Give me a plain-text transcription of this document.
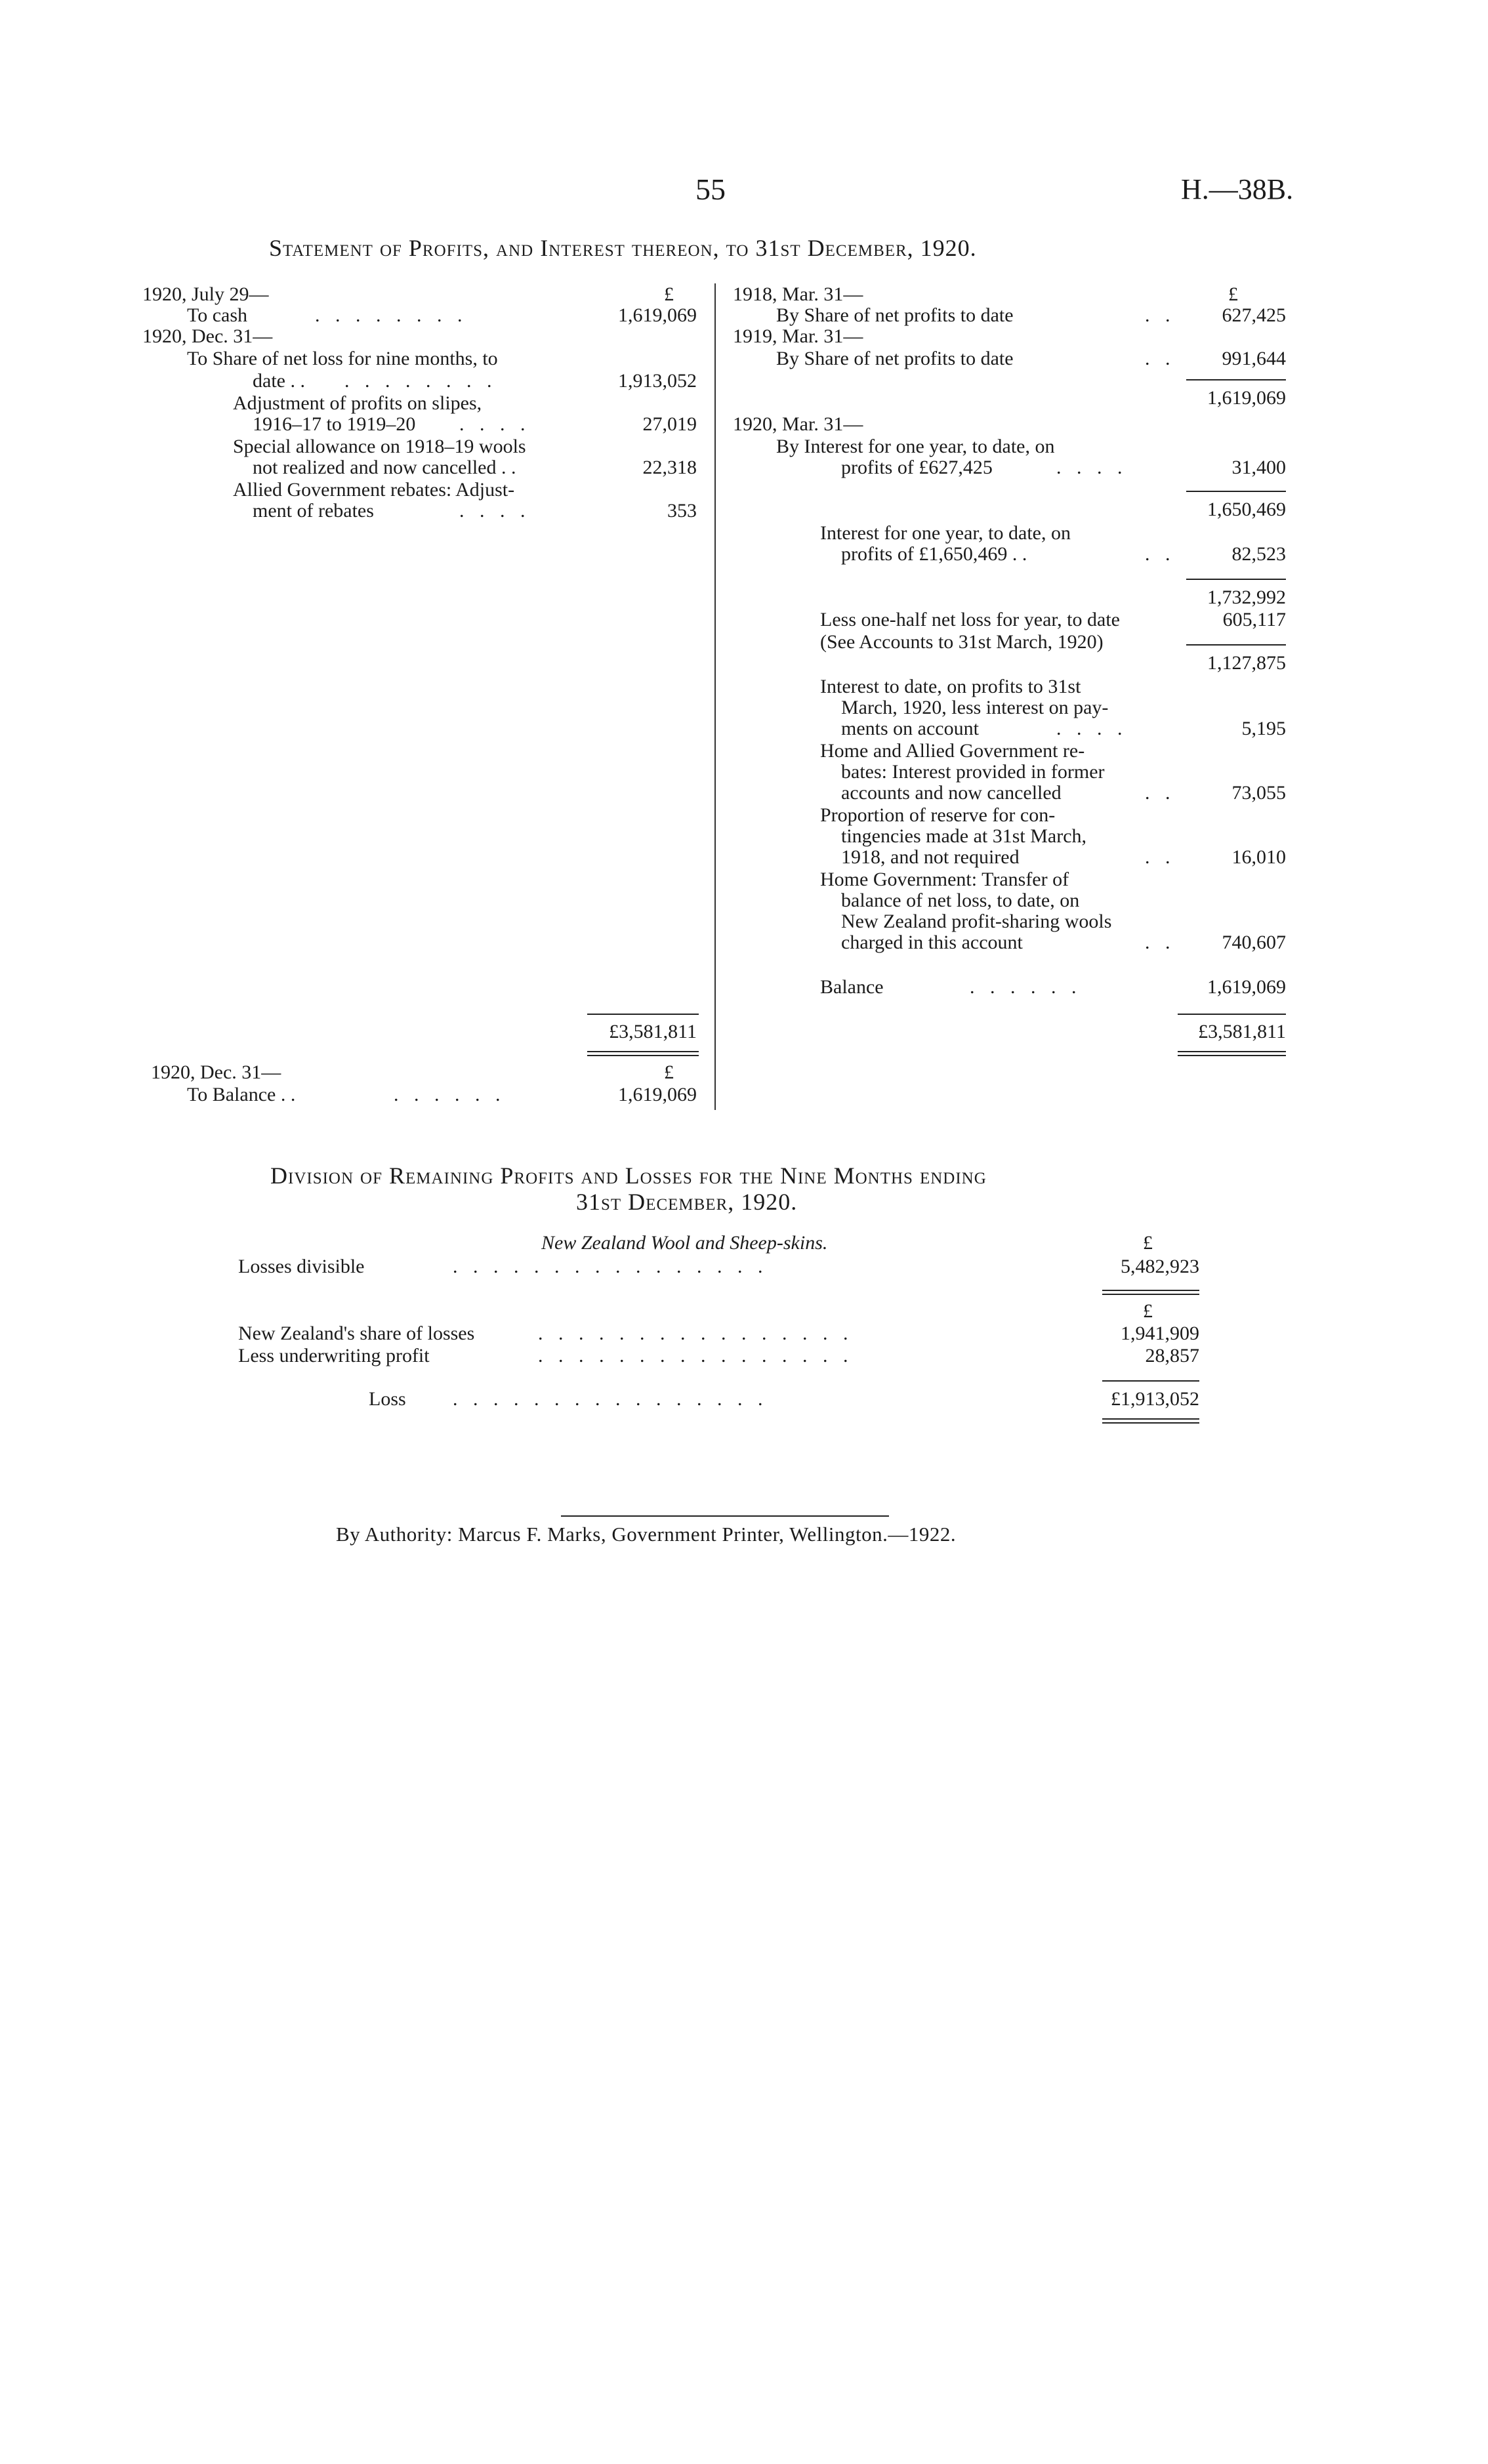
55	H.—38B.
Statement of Profits, and Interest thereon, to 31st December, 1920.
£
1920, July 29—
To cash	. . . . . . . .	1,619,069
1920, Dec. 31—
To Share of net loss for nine months, to
date . . . . . . . . . .	1,913,052
Adjustment of profits on slipes,
1916–17 to 1919–20 . . . .	27,019
Special allowance on 1918–19 wools
not realized and now cancelled . .	22,318
Allied Government rebates: Adjust-
ment of rebates	. . . .	353
£3,581,811
1920, Dec. 31—	£
To Balance . .	. . . . . .	1,619,069
£
1918, Mar. 31—
By Share of net profits to date	. .	627,425
1919, Mar. 31—
By Share of net profits to date	. .	991,644
1,619,069
1920, Mar. 31—
By Interest for one year, to date, on
profits of £627,425	. . . .	31,400
1,650,469
Interest for one year, to date, on
profits of £1,650,469 . .	. .	82,523
1,732,992
Less one-half net loss for year, to date	605,117
(See Accounts to 31st March, 1920)
1,127,875
Interest to date, on profits to 31st
March, 1920, less interest on pay-
ments on account	. . . .	5,195
Home and Allied Government re-
bates: Interest provided in former
accounts and now cancelled	. .	73,055
Proportion of reserve for con-
tingencies made at 31st March,
1918, and not required	. .	16,010
Home Government: Transfer of
balance of net loss, to date, on
New Zealand profit-sharing wools
charged in this account	. .	740,607
Balance	. . . . . .	1,619,069
£3,581,811
Division of Remaining Profits and Losses for the Nine Months ending
31st December, 1920.
New Zealand Wool and Sheep-skins.	£
Losses divisible	. . . . . . . . . . . . . . . .	5,482,923
£
New Zealand's share of losses	. . . . . . . . . . . . . . . .	1,941,909
Less underwriting profit	. . . . . . . . . . . . . . . .	28,857
Loss . . . . . . . . . . . . . . . .	£1,913,052
By Authority: Marcus F. Marks, Government Printer, Wellington.—1922.
